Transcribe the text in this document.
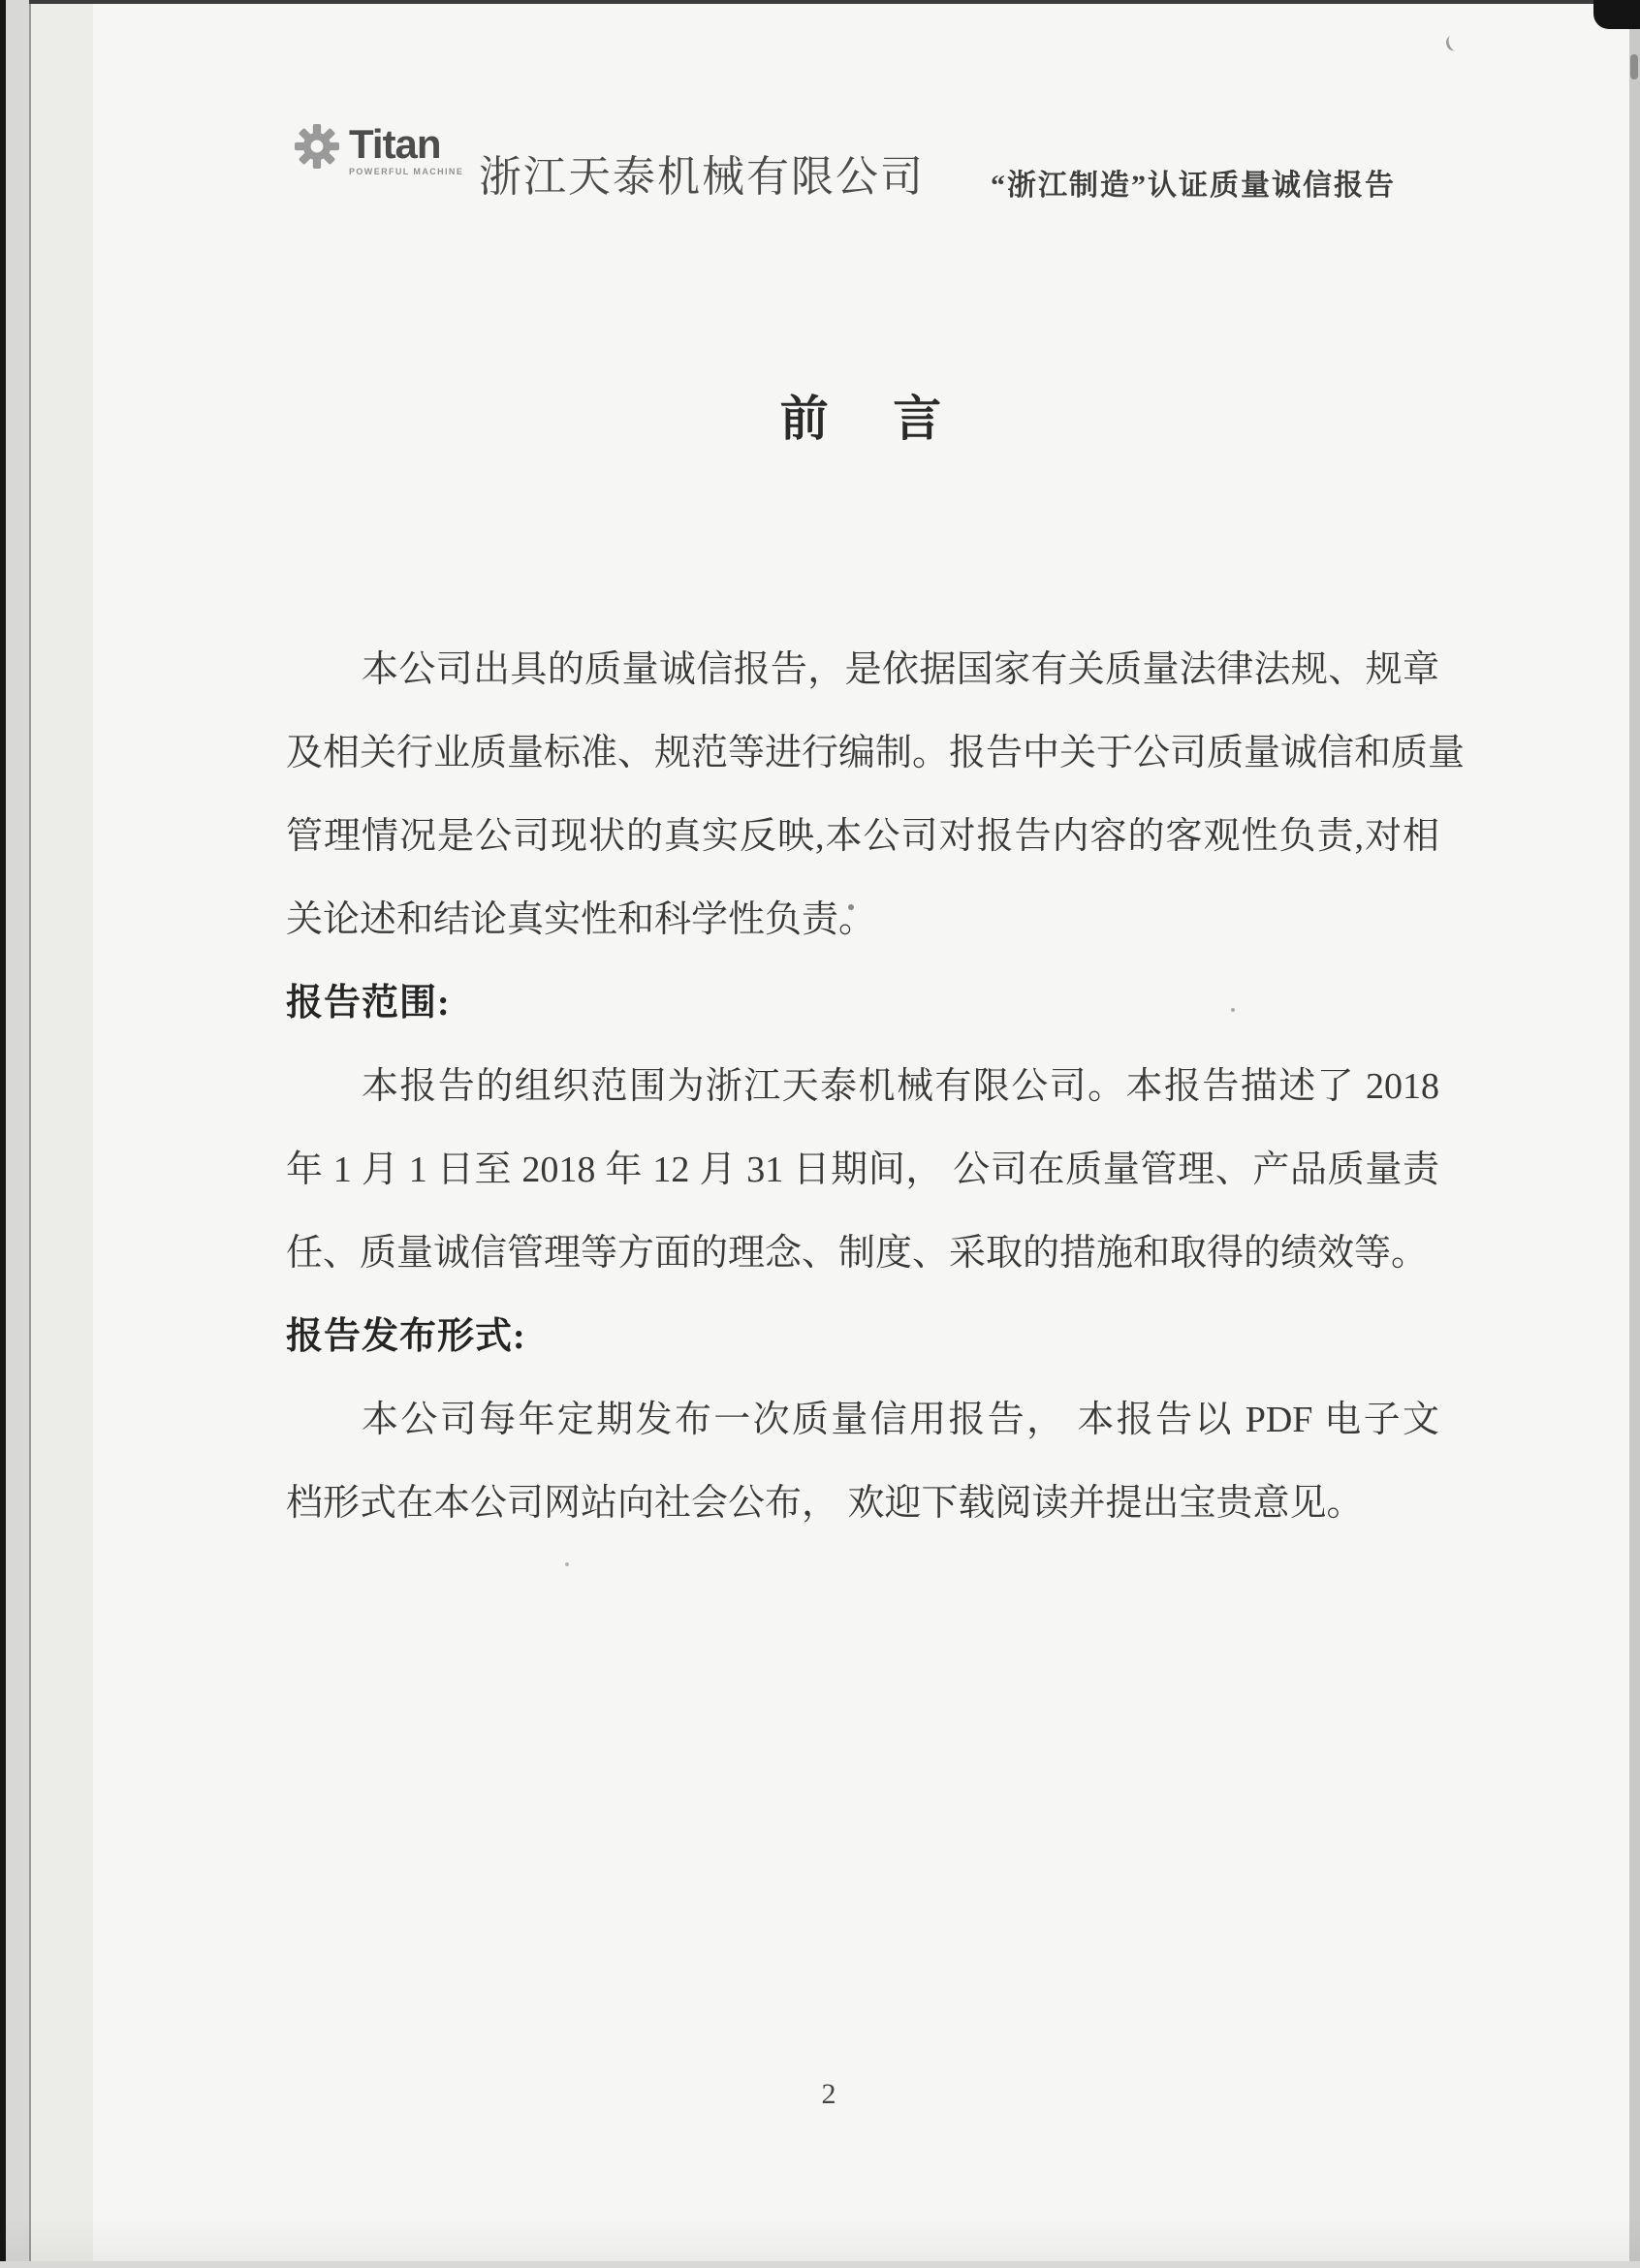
Titan
POWERFUL MACHINE 浙江天泰机械有限公司 “浙江制造”认证质量诚信报告
前 言
本公司出具的质量诚信报告，是依据国家有关质量法律法规、规章
及相关行业质量标准、规范等进行编制。报告中关于公司质量诚信和质量
管理情况是公司现状的真实反映,本公司对报告内容的客观性负责,对相
关论述和结论真实性和科学性负责。
报告范围:
本报告的组织范围为浙江天泰机械有限公司。本报告描述了 2018
年 1 月 1 日至 2018 年 12 月 31 日期间， 公司在质量管理、产品质量责
任、质量诚信管理等方面的理念、制度、采取的措施和取得的绩效等。
报告发布形式:
本公司每年定期发布一次质量信用报告， 本报告以 PDF 电子文
档形式在本公司网站向社会公布， 欢迎下载阅读并提出宝贵意见。
2
